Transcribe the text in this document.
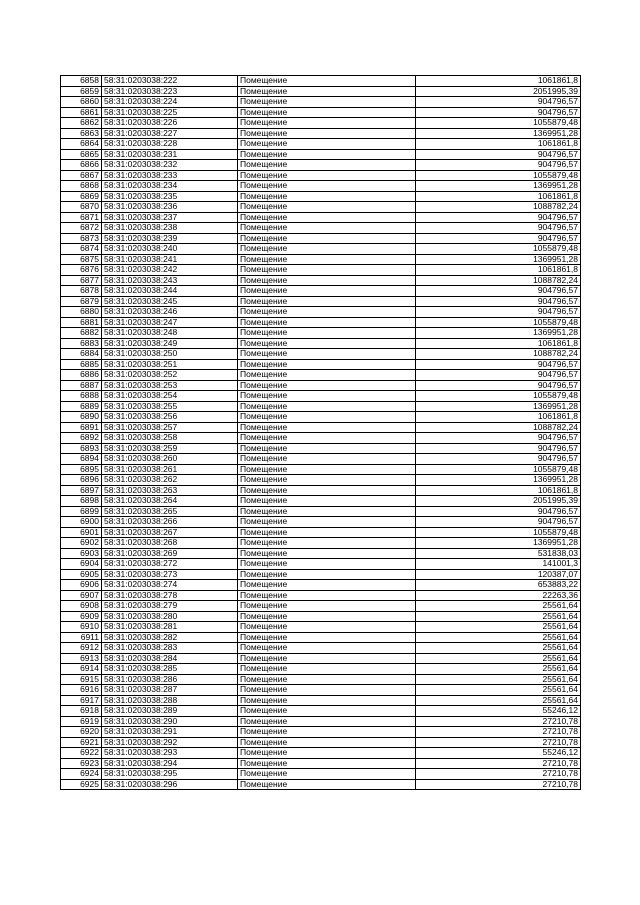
6858	58:31:0203038:222	Помещение	1061861,8
6859	58:31:0203038:223	Помещение	2051995,39
6860	58:31:0203038:224	Помещение	904796,57
6861	58:31:0203038:225	Помещение	904796,57
6862	58:31:0203038:226	Помещение	1055879,48
6863	58:31:0203038:227	Помещение	1369951,28
6864	58:31:0203038:228	Помещение	1061861,8
6865	58:31:0203038:231	Помещение	904796,57
6866	58:31:0203038:232	Помещение	904796,57
6867	58:31:0203038:233	Помещение	1055879,48
6868	58:31:0203038:234	Помещение	1369951,28
6869	58:31:0203038:235	Помещение	1061861,8
6870	58:31:0203038:236	Помещение	1088782,24
6871	58:31:0203038:237	Помещение	904796,57
6872	58:31:0203038:238	Помещение	904796,57
6873	58:31:0203038:239	Помещение	904796,57
6874	58:31:0203038:240	Помещение	1055879,48
6875	58:31:0203038:241	Помещение	1369951,28
6876	58:31:0203038:242	Помещение	1061861,8
6877	58:31:0203038:243	Помещение	1088782,24
6878	58:31:0203038:244	Помещение	904796,57
6879	58:31:0203038:245	Помещение	904796,57
6880	58:31:0203038:246	Помещение	904796,57
6881	58:31:0203038:247	Помещение	1055879,48
6882	58:31:0203038:248	Помещение	1369951,28
6883	58:31:0203038:249	Помещение	1061861,8
6884	58:31:0203038:250	Помещение	1088782,24
6885	58:31:0203038:251	Помещение	904796,57
6886	58:31:0203038:252	Помещение	904796,57
6887	58:31:0203038:253	Помещение	904796,57
6888	58:31:0203038:254	Помещение	1055879,48
6889	58:31:0203038:255	Помещение	1369951,28
6890	58:31:0203038:256	Помещение	1061861,8
6891	58:31:0203038:257	Помещение	1088782,24
6892	58:31:0203038:258	Помещение	904796,57
6893	58:31:0203038:259	Помещение	904796,57
6894	58:31:0203038:260	Помещение	904796,57
6895	58:31:0203038:261	Помещение	1055879,48
6896	58:31:0203038:262	Помещение	1369951,28
6897	58:31:0203038:263	Помещение	1061861,8
6898	58:31:0203038:264	Помещение	2051995,39
6899	58:31:0203038:265	Помещение	904796,57
6900	58:31:0203038:266	Помещение	904796,57
6901	58:31:0203038:267	Помещение	1055879,48
6902	58:31:0203038:268	Помещение	1369951,28
6903	58:31:0203038:269	Помещение	531838,03
6904	58:31:0203038:272	Помещение	141001,3
6905	58:31:0203038:273	Помещение	120387,07
6906	58:31:0203038:274	Помещение	653883,22
6907	58:31:0203038:278	Помещение	22263,36
6908	58:31:0203038:279	Помещение	25561,64
6909	58:31:0203038:280	Помещение	25561,64
6910	58:31:0203038:281	Помещение	25561,64
6911	58:31:0203038:282	Помещение	25561,64
6912	58:31:0203038:283	Помещение	25561,64
6913	58:31:0203038:284	Помещение	25561,64
6914	58:31:0203038:285	Помещение	25561,64
6915	58:31:0203038:286	Помещение	25561,64
6916	58:31:0203038:287	Помещение	25561,64
6917	58:31:0203038:288	Помещение	25561,64
6918	58:31:0203038:289	Помещение	55246,12
6919	58:31:0203038:290	Помещение	27210,78
6920	58:31:0203038:291	Помещение	27210,78
6921	58:31:0203038:292	Помещение	27210,78
6922	58:31:0203038:293	Помещение	55246,12
6923	58:31:0203038:294	Помещение	27210,78
6924	58:31:0203038:295	Помещение	27210,78
6925	58:31:0203038:296	Помещение	27210,78
